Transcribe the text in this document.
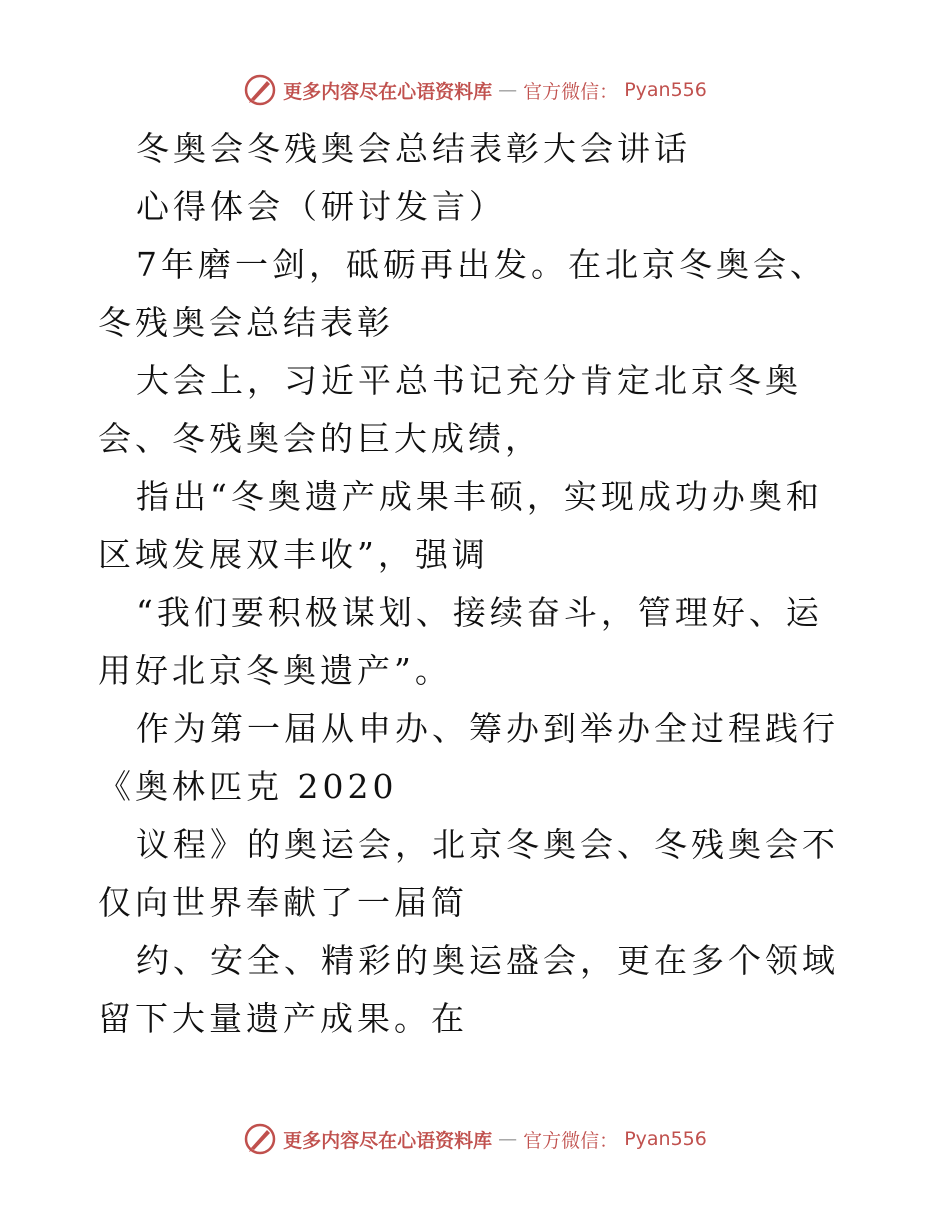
更多内容尽在心语资料库 — 官方微信： Pyan556

冬奥会冬残奥会总结表彰大会讲话

心得体会（研讨发言）

7年磨一剑，砥砺再出发。在北京冬奥会、冬残奥会总结表彰

大会上，习近平总书记充分肯定北京冬奥会、冬残奥会的巨大成绩，

指出“冬奥遗产成果丰硕，实现成功办奥和区域发展双丰收”，强调

“我们要积极谋划、接续奋斗，管理好、运用好北京冬奥遗产”。

作为第一届从申办、筹办到举办全过程践行《奥林匹克 2020

议程》的奥运会，北京冬奥会、冬残奥会不仅向世界奉献了一届简

约、安全、精彩的奥运盛会，更在多个领域留下大量遗产成果。在

更多内容尽在心语资料库 — 官方微信： Pyan556
